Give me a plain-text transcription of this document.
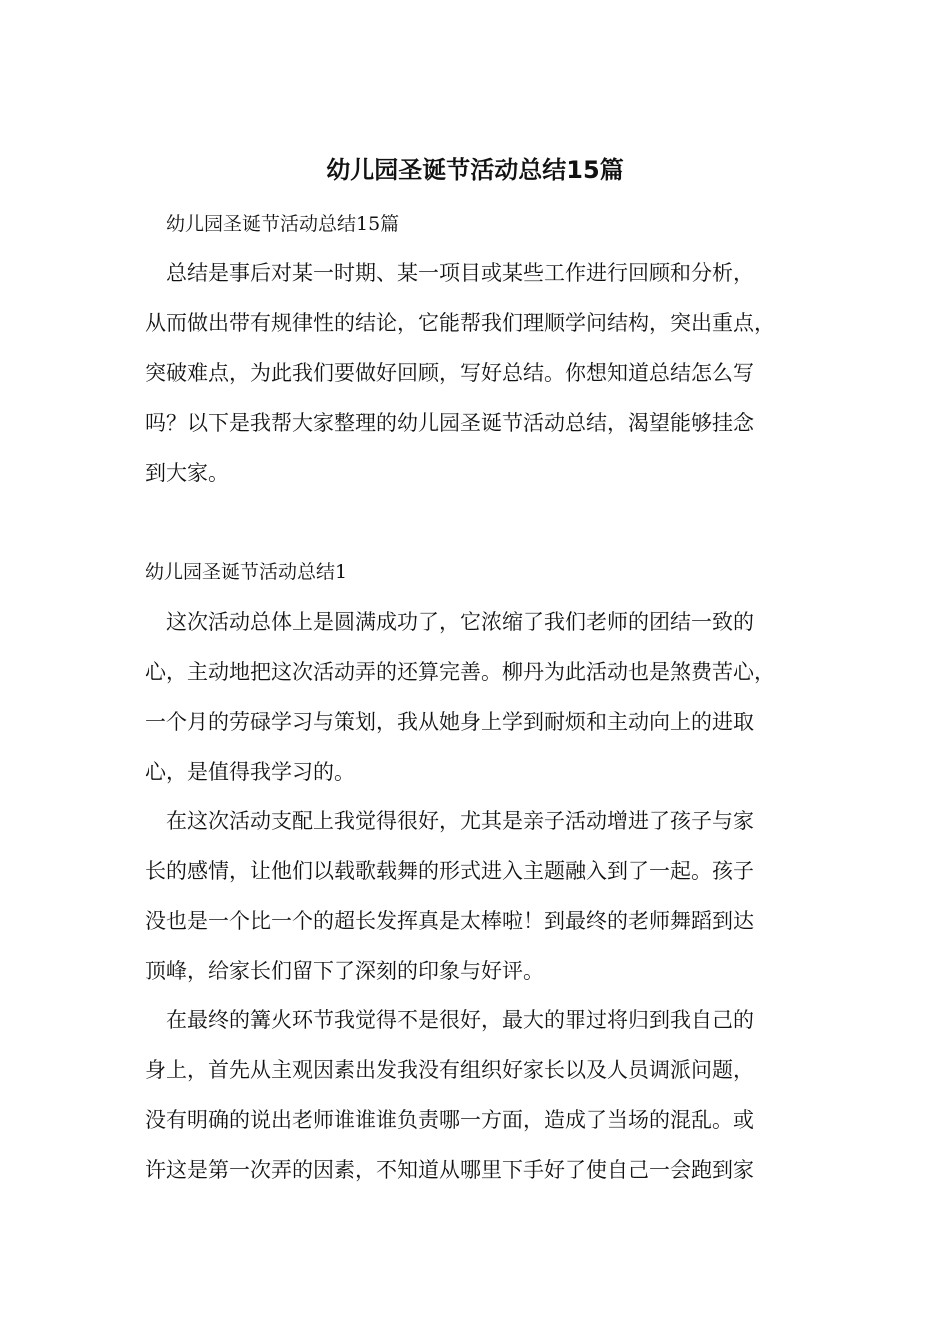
幼儿园圣诞节活动总结15篇

幼儿园圣诞节活动总结15篇

　总结是事后对某一时期、某一项目或某些工作进行回顾和分析，
从而做出带有规律性的结论，它能帮我们理顺学问结构，突出重点，
突破难点，为此我们要做好回顾，写好总结。你想知道总结怎么写
吗？以下是我帮大家整理的幼儿园圣诞节活动总结，渴望能够挂念
到大家。

幼儿园圣诞节活动总结1

　这次活动总体上是圆满成功了，它浓缩了我们老师的团结一致的
心，主动地把这次活动弄的还算完善。柳丹为此活动也是煞费苦心，
一个月的劳碌学习与策划，我从她身上学到耐烦和主动向上的进取
心，是值得我学习的。

　在这次活动支配上我觉得很好，尤其是亲子活动增进了孩子与家
长的感情，让他们以载歌载舞的形式进入主题融入到了一起。孩子
没也是一个比一个的超长发挥真是太棒啦！到最终的老师舞蹈到达
顶峰，给家长们留下了深刻的印象与好评。

　在最终的篝火环节我觉得不是很好，最大的罪过将归到我自己的
身上，首先从主观因素出发我没有组织好家长以及人员调派问题，
没有明确的说出老师谁谁谁负责哪一方面，造成了当场的混乱。或
许这是第一次弄的因素，不知道从哪里下手好了使自己一会跑到家
